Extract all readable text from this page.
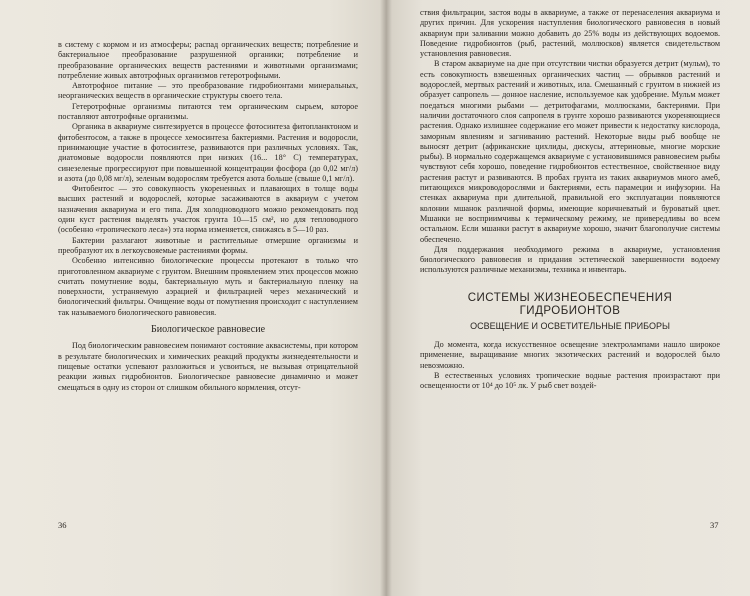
в систему с кормом и из атмосферы; распад органических веществ; потребление и бактериальное преобразование разрушенной органики; потребление и преобразование органических веществ растениями и животными организмами; потребление живых автотрофных организмов гетеротрофными.

Автотрофное питание — это преобразование гидробионтами минеральных, неорганических веществ в органические структуры своего тела.

Гетеротрофные организмы питаются тем органическим сырьем, которое поставляют автотрофные организмы.

Органика в аквариуме синтезируется в процессе фотосинтеза фитопланктоном и фитобентосом, а также в процессе хемосинтеза бактериями. Растения и водоросли, принимающие участие в фотосинтезе, развиваются при различных условиях. Так, диатомовые водоросли появляются при низких (16... 18° С) температурах, синезеленые прогрессируют при повышенной концентрации фосфора (до 0,02 мг/л) и азота (до 0,08 мг/л), зеленым водорослям требуется азота больше (свыше 0,1 мг/л).

Фитобентос — это совокупность укорененных и плавающих в толще воды высших растений и водорослей, которые засаживаются в аквариум с учетом назначения аквариума и его типа. Для холодноводного можно рекомендовать под один куст растения выделять участок грунта 10—15 см², но для тепловодного (особенно «тропического леса») эта норма изменяется, снижаясь в 5—10 раз.

Бактерии разлагают животные и растительные отмершие организмы и преобразуют их в легкоусвояемые растениями формы.

Особенно интенсивно биологические процессы протекают в только что приготовленном аквариуме с грунтом. Внешним проявлением этих процессов можно считать помутнение воды, бактериальную муть и бактериальную пленку на поверхности, устраняемую аэрацией и фильтрацией через механический и биологический фильтры. Очищение воды от помутнения происходит с наступлением так называемого биологического равновесия.

Биологическое равновесие

Под биологическим равновесием понимают состояние аквасистемы, при котором в результате биологических и химических реакций продукты жизнедеятельности и пищевые остатки успевают разложиться и усвоиться, не вызывая отрицательной реакции живых гидробионтов. Биологическое равновесие динамично и может смещаться в одну из сторон от слишком обильного кормления, отсут-

36

ствия фильтрации, застоя воды в аквариуме, а также от перенаселения аквариума и других причин. Для ускорения наступления биологического равновесия в новый аквариум при заливании можно добавить до 25% воды из действующих водоемов. Поведение гидробионтов (рыб, растений, моллюсков) является свидетельством установления равновесия.

В старом аквариуме на дне при отсутствии чистки образуется детрит (мульм), то есть совокупность взвешенных органических частиц — обрывков растений и водорослей, мертвых растений и животных, ила. Смешанный с грунтом в нижней из образует сапропель — донное насление, используемое как удобрение. Мульм может поедаться многими рыбами — детритофагами, моллюсками, бактериями. При наличии достаточного слоя сапропеля в грунте хорошо развиваются укореняющиеся растения. Однако излишнее содержание его может привести к недостатку кислорода, заморным явлениям и загниванию растений. Некоторые виды рыб вообще не выносят детрит (африканские цихлиды, дискусы, аттериновые, многие морские рыбы). В нормально содержащемся аквариуме с установившимся равновесием рыбы чувствуют себя хорошо, поведение гидробионтов естественное, свойственное виду растения растут и развиваются. В пробах грунта из таких аквариумов много амеб, питающихся микроводорослями и бактериями, есть парамеции и инфузории. На стенках аквариума при длительной, правильной его эксплуатации появляются колонии мшанок различной формы, имеющие коричневатый и буроватый цвет. Мшанки не восприимчивы к термическому режиму, не привередливы во всем остальном. Если мшанки растут в аквариуме хорошо, значит благополучие системы обеспечено.

Для поддержания необходимого режима в аквариуме, установления биологического равновесия и придания эстетической завершенности водоему используются различные механизмы, техника и инвентарь.

СИСТЕМЫ ЖИЗНЕОБЕСПЕЧЕНИЯ
ГИДРОБИОНТОВ
ОСВЕЩЕНИЕ И ОСВЕТИТЕЛЬНЫЕ ПРИБОРЫ

До момента, когда искусственное освещение электролампами нашло широкое применение, выращивание многих экзотических растений и водорослей было невозможно.

В естественных условиях тропические водные растения произрастают при освещенности от 10⁴ до 10⁵ лк. У рыб свет воздей-

37
